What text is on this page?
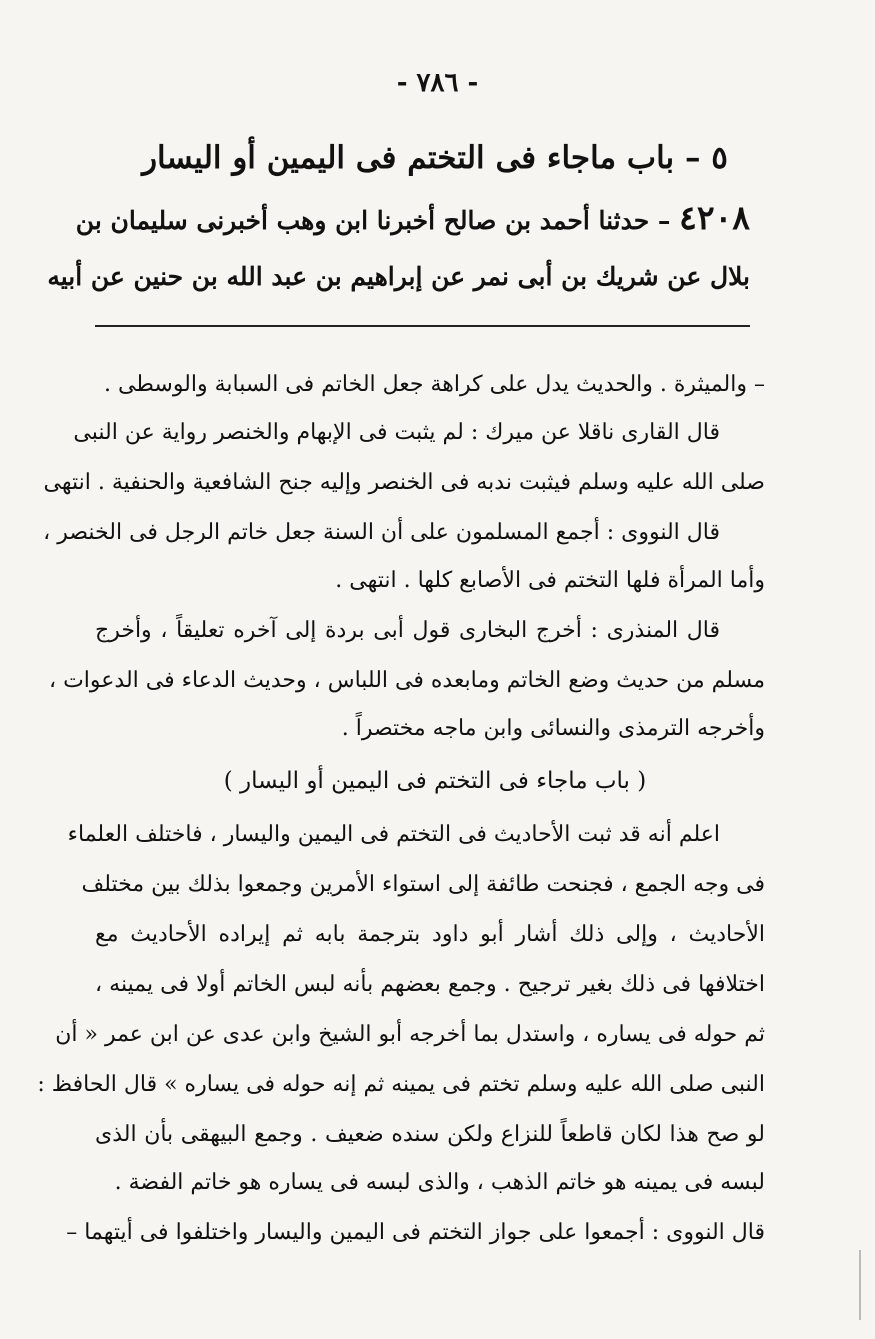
- ٧٨٦ -
٥ – باب ماجاء فى التختم فى اليمين أو اليسار
٤٢٠٨ – حدثنا أحمد بن صالح أخبرنا ابن وهب أخبرنى سليمان بن
بلال عن شريك بن أبى نمر عن إبراهيم بن عبد الله بن حنين عن أبيه
– والميثرة . والحديث يدل على كراهة جعل الخاتم فى السبابة والوسطى .
قال القارى ناقلا عن ميرك : لم يثبت فى الإبهام والخنصر رواية عن النبى
صلى الله عليه وسلم فيثبت ندبه فى الخنصر وإليه جنح الشافعية والحنفية . انتهى
قال النووى : أجمع المسلمون على أن السنة جعل خاتم الرجل فى الخنصر ،
وأما المرأة فلها التختم فى الأصابع كلها . انتهى .
قال المنذرى : أخرج البخارى قول أبى بردة إلى آخره تعليقاً ، وأخرج
مسلم من حديث وضع الخاتم ومابعده فى اللباس ، وحديث الدعاء فى الدعوات ،
وأخرجه الترمذى والنسائى وابن ماجه مختصراً .
( باب ماجاء فى التختم فى اليمين أو اليسار )
اعلم أنه قد ثبت الأحاديث فى التختم فى اليمين واليسار ، فاختلف العلماء
فى وجه الجمع ، فجنحت طائفة إلى استواء الأمرين وجمعوا بذلك بين مختلف
الأحاديث ، وإلى ذلك أشار أبو داود بترجمة بابه ثم إيراده الأحاديث مع
اختلافها فى ذلك بغير ترجيح . وجمع بعضهم بأنه لبس الخاتم أولا فى يمينه ،
ثم حوله فى يساره ، واستدل بما أخرجه أبو الشيخ وابن عدى عن ابن عمر « أن
النبى صلى الله عليه وسلم تختم فى يمينه ثم إنه حوله فى يساره » قال الحافظ :
لو صح هذا لكان قاطعاً للنزاع ولكن سنده ضعيف . وجمع البيهقى بأن الذى
لبسه فى يمينه هو خاتم الذهب ، والذى لبسه فى يساره هو خاتم الفضة .
قال النووى : أجمعوا على جواز التختم فى اليمين واليسار واختلفوا فى أيتهما –
